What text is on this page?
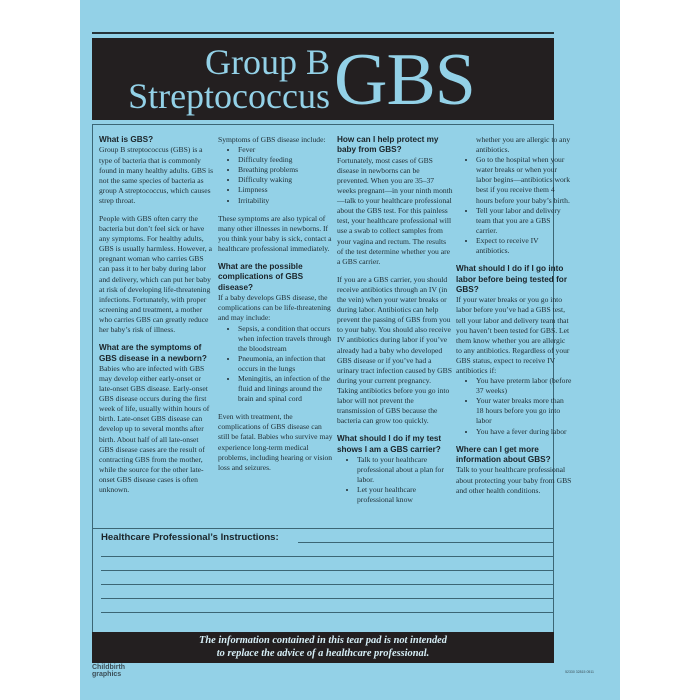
Group B
Streptococcus GBS
What is GBS?

Group B streptococcus (GBS) is a type of bacteria that is commonly found in many healthy adults. GBS is not the same species of bacteria as group A streptococcus, which causes strep throat.

People with GBS often carry the bacteria but don’t feel sick or have any symptoms. For healthy adults, GBS is usually harmless. However, a pregnant woman who carries GBS can pass it to her baby during labor and delivery, which can put her baby at risk of developing life-threatening infections. Fortunately, with proper screening and treatment, a mother who carries GBS can greatly reduce her baby’s risk of illness.

What are the symptoms of GBS disease in a newborn?

Babies who are infected with GBS may develop either early-onset or late-onset GBS disease. Early-onset GBS disease occurs during the first week of life, usually within hours of birth. Late-onset GBS disease can develop up to several months after birth. About half of all late-onset GBS disease cases are the result of contracting GBS from the mother, while the source for the other late-onset GBS disease cases is often unknown.

Symptoms of GBS disease include:

• Fever
• Difficulty feeding
• Breathing problems
• Difficulty waking
• Limpness
• Irritability

These symptoms are also typical of many other illnesses in newborns. If you think your baby is sick, contact a healthcare professional immediately.

What are the possible complications of GBS disease?

If a baby develops GBS disease, the complications can be life-threatening and may include:

• Sepsis, a condition that occurs when infection travels through the bloodstream
• Pneumonia, an infection that occurs in the lungs
• Meningitis, an infection of the fluid and linings around the brain and spinal cord

Even with treatment, the complications of GBS disease can still be fatal. Babies who survive may experience long-term medical problems, including hearing or vision loss and seizures.

How can I help protect my baby from GBS?

Fortunately, most cases of GBS disease in newborns can be prevented. When you are 35–37 weeks pregnant—in your ninth month—talk to your healthcare professional about the GBS test. For this painless test, your healthcare professional will use a swab to collect samples from your vagina and rectum. The results of the test determine whether you are a GBS carrier.

If you are a GBS carrier, you should receive antibiotics through an IV (in the vein) when your water breaks or during labor. Antibiotics can help prevent the passing of GBS from you to your baby. You should also receive IV antibiotics during labor if you’ve already had a baby who developed GBS disease or if you’ve had a urinary tract infection caused by GBS during your current pregnancy. Taking antibiotics before you go into labor will not prevent the transmission of GBS because the bacteria can grow too quickly.

What should I do if my test shows I am a GBS carrier?
• Talk to your healthcare professional about a plan for labor.
• Let your healthcare professional know

whether you are allergic to any antibiotics.

• Go to the hospital when your water breaks or when your labor begins—antibiotics work best if you receive them 4 hours before your baby’s birth.
• Tell your labor and delivery team that you are a GBS carrier.
• Expect to receive IV antibiotics.
What should I do if I go into labor before being tested for GBS?

If your water breaks or you go into labor before you’ve had a GBS test, tell your labor and delivery team that you haven’t been tested for GBS. Let them know whether you are allergic to any antibiotics. Regardless of your GBS status, expect to receive IV antibiotics if:

• You have preterm labor (before 37 weeks)
• Your water breaks more than 18 hours before you go into labor
• You have a fever during labor
Where can I get more information about GBS?

Talk to your healthcare professional about protecting your baby from GBS and other health conditions.

Healthcare Professional’s Instructions:
The information contained in this tear pad is not intended
to replace the advice of a healthcare professional.
Childbirth
graphics	52330 32815 0511
